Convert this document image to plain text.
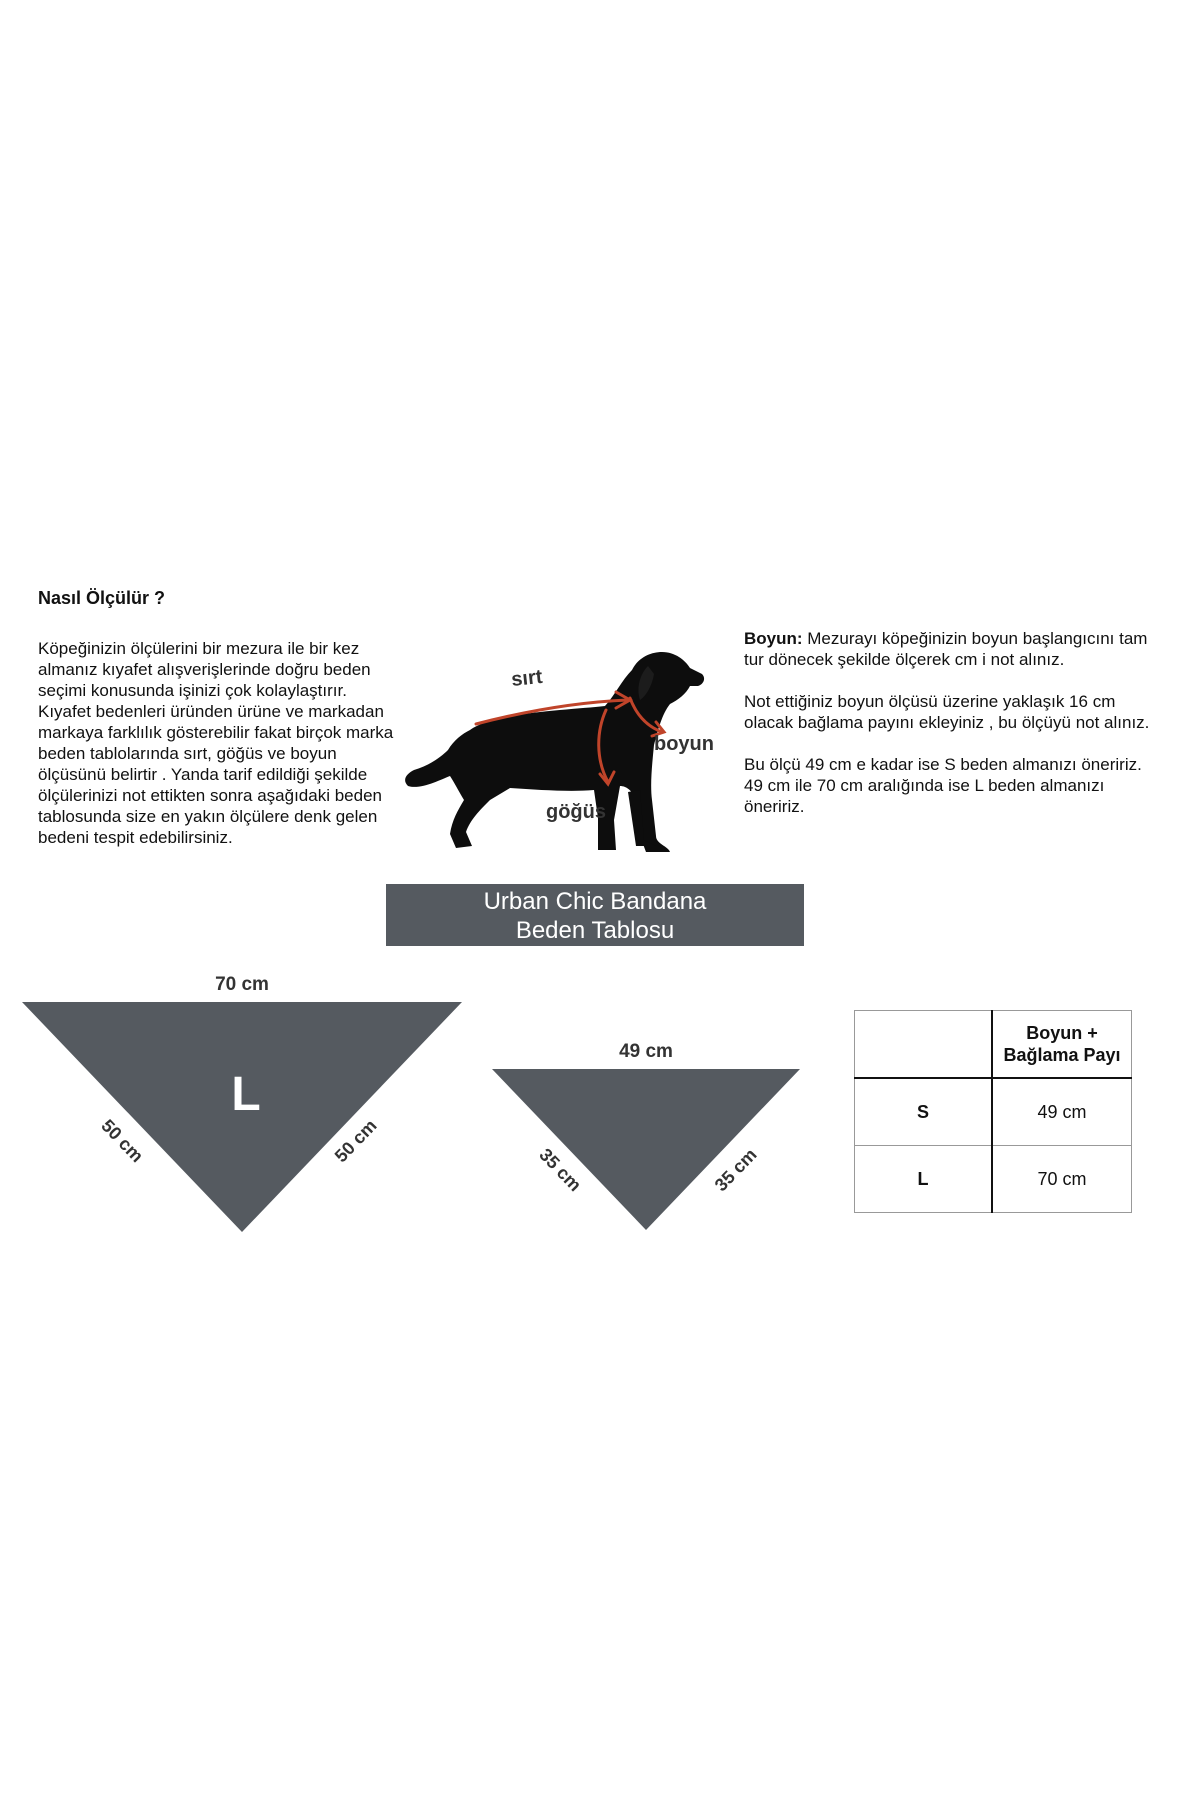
Nasıl Ölçülür ?
Köpeğinizin ölçülerini bir mezura ile bir kez almanız kıyafet alışverişlerinde doğru beden seçimi konusunda işinizi çok kolaylaştırır. Kıyafet bedenleri üründen ürüne ve markadan markaya farklılık gösterebilir fakat birçok marka beden tablolarında sırt, göğüs ve boyun ölçüsünü belirtir . Yanda tarif edildiği şekilde ölçülerinizi not ettikten sonra aşağıdaki beden tablosunda size en yakın ölçülere denk gelen bedeni tespit edebilirsiniz.
sırt
boyun
göğüs

Boyun: Mezurayı köpeğinizin boyun başlangıcını tam tur dönecek şekilde ölçerek cm i not alınız.

Not ettiğiniz boyun ölçüsü üzerine yaklaşık 16 cm olacak bağlama payını ekleyiniz , bu ölçüyü not alınız.

Bu ölçü 49 cm e kadar ise S beden almanızı öneririz. 49 cm ile 70 cm aralığında ise L beden almanızı öneririz.

Urban Chic Bandana
Beden Tablosu
70 cm
L
50 cm	50 cm
49 cm
35 cm	35 cm

	Boyun +
Bağlama Payı

S	49 cm
L	70 cm
